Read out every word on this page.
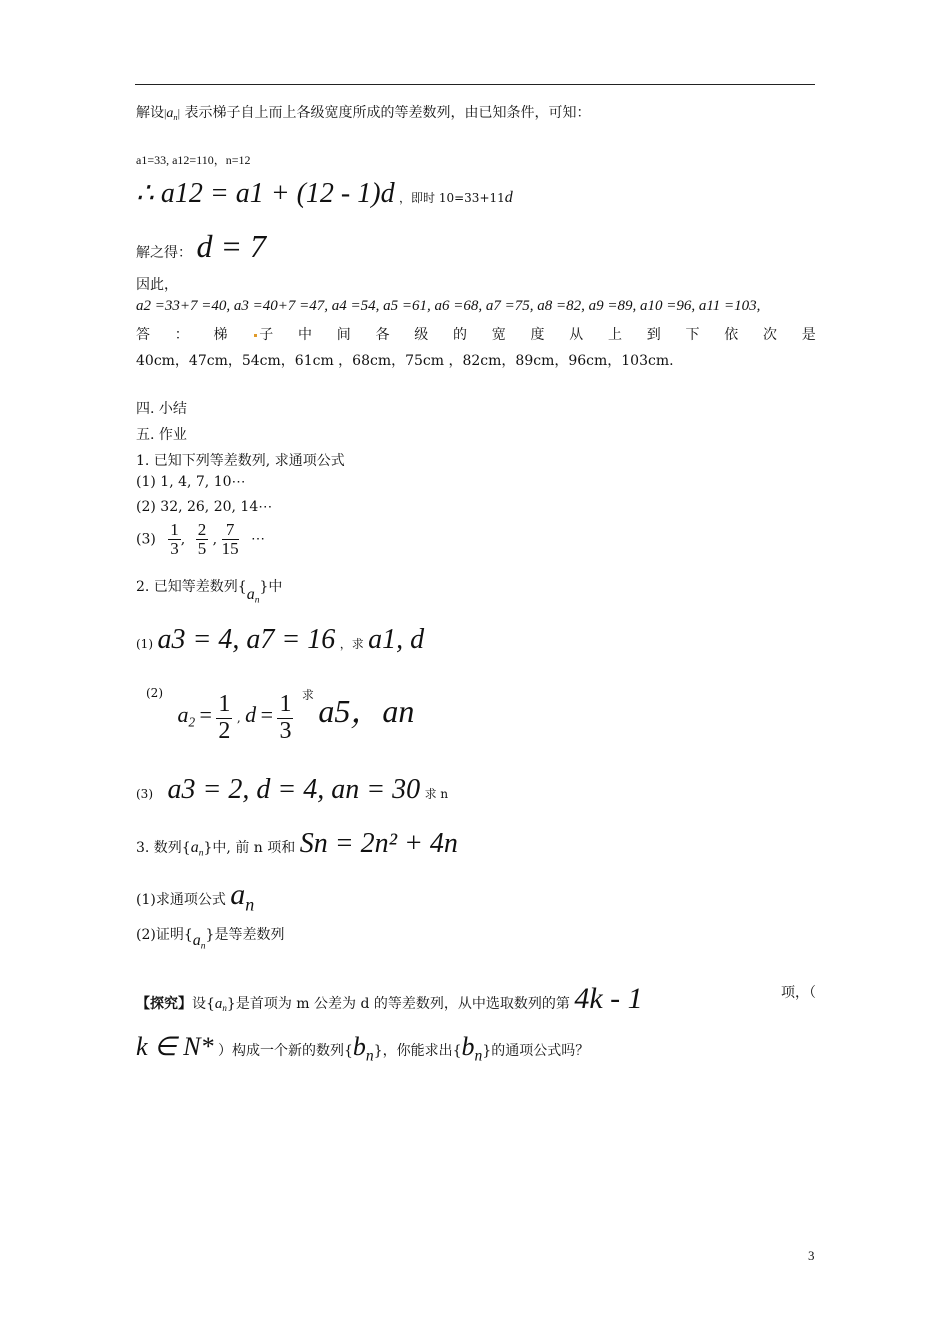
解设$|a_n|$ 表示梯子自上而上各级宽度所成的等差数列，由已知条件，可知：
a1=33, a12=110，n=12
∴ a12 = a1 + (12 - 1)d ，即时 10=33+11d
解之得： d = 7
因此，
a2 =33+7 =40, a3 =40+7 =47, a4 =54, a5 =61, a6 =68, a7 =75, a8 =82, a9 =89, a10 =96, a11 =103,
答 ： 梯	子 中 间 各 级 的 宽 度 从 上 到 下 依 次 是
40cm，47cm，54cm，61cm ，68cm，75cm ，82cm，89cm，96cm，103cm.
四. 小结
五. 作业
1. 已知下列等差数列, 求通项公式
(1) 1, 4, 7, 10⋯
(2) 32, 26, 20, 14⋯
$(3) \frac{1}{3}$ , $\frac{2}{5}$ , $\frac{7}{15}$ ⋯
2. 已知等差数列$\{a_n\}$中
(1) a3 = 4, a7 = 16 ，求 a1, d
(2) $a_2 = \frac{1}{2}$ , $d = \frac{1}{3}$ 求 a5，an
(3) a3 = 2, d = 4, an = 30 求 n
3. 数列$\{a_n\}$中, 前 n 项和 Sn = 2n² + 4n
(1)求通项公式 $a_n$
(2)证明$\{a_n\}$是等差数列
【探究】设$\{a_n\}$是首项为 m 公差为 d 的等差数列，从中选取数列的第 4k - 1	项，（
k ∈ N* ）构成一个新的数列$\{b_n\}$，你能求出$\{b_n\}$的通项公式吗？
3
